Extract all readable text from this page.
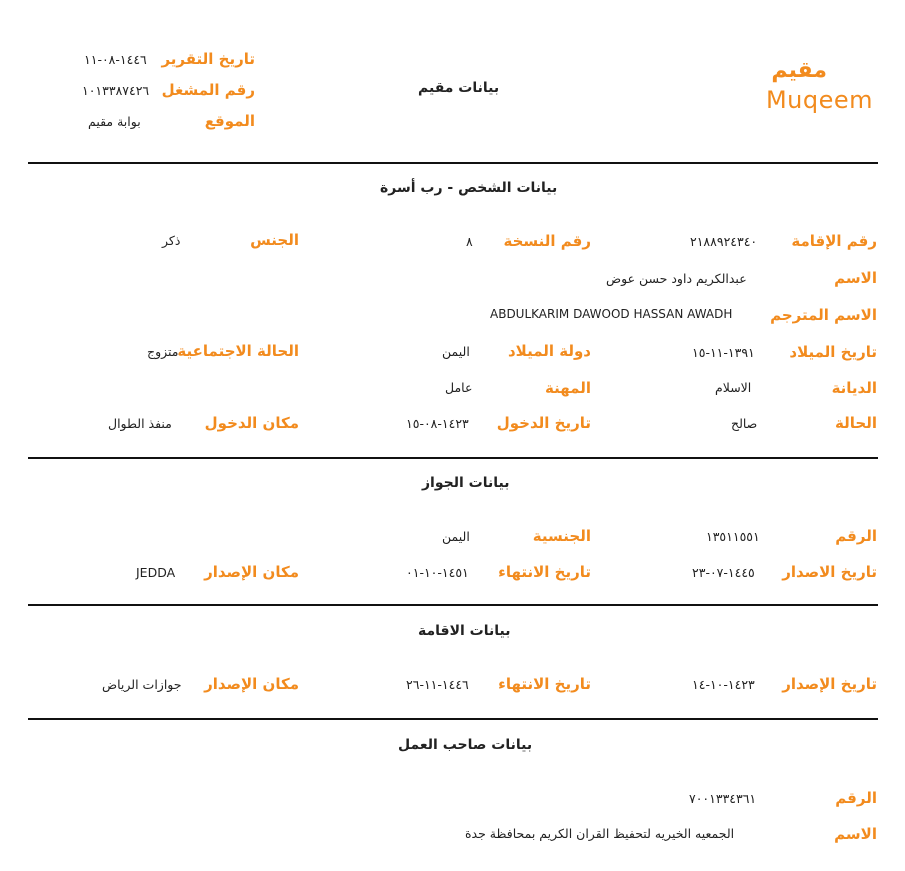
مقيم
Muqeem
بيانات مقيم
تاريخ التقرير
١٤٤٦-٠٨-١١
رقم المشغل
١٠١٣٣٨٧٤٢٦
الموقع
بوابة مقيم
بيانات الشخص - رب أسرة
رقم الإقامة
٢١٨٨٩٢٤٣٤٠
رقم النسخة
٨
الجنس
ذكر
الاسم
عبدالكريم داود حسن عوض
الاسم المترجم
ABDULKARIM DAWOOD HASSAN AWADH
تاريخ الميلاد
١٣٩١-١١-١٥
دولة الميلاد
اليمن
الحالة الاجتماعية
متزوج
الديانة
الاسلام
المهنة
عامل
الحالة
صالح
تاريخ الدخول
١٤٢٣-٠٨-١٥
مكان الدخول
منفذ الطوال
بيانات الجواز
الرقم
١٣٥١١٥٥١
الجنسية
اليمن
تاريخ الاصدار
١٤٤٥-٠٧-٢٣
تاريخ الانتهاء
١٤٥١-١٠-٠١
مكان الإصدار
JEDDA
بيانات الاقامة
تاريخ الإصدار
١٤٢٣-١٠-١٤
تاريخ الانتهاء
١٤٤٦-١١-٢٦
مكان الإصدار
جوازات الرياض
بيانات صاحب العمل
الرقم
٧٠٠١٣٣٤٣٦١
الاسم
الجمعيه الخيريه لتحفيظ القران الكريم بمحافظة جدة
